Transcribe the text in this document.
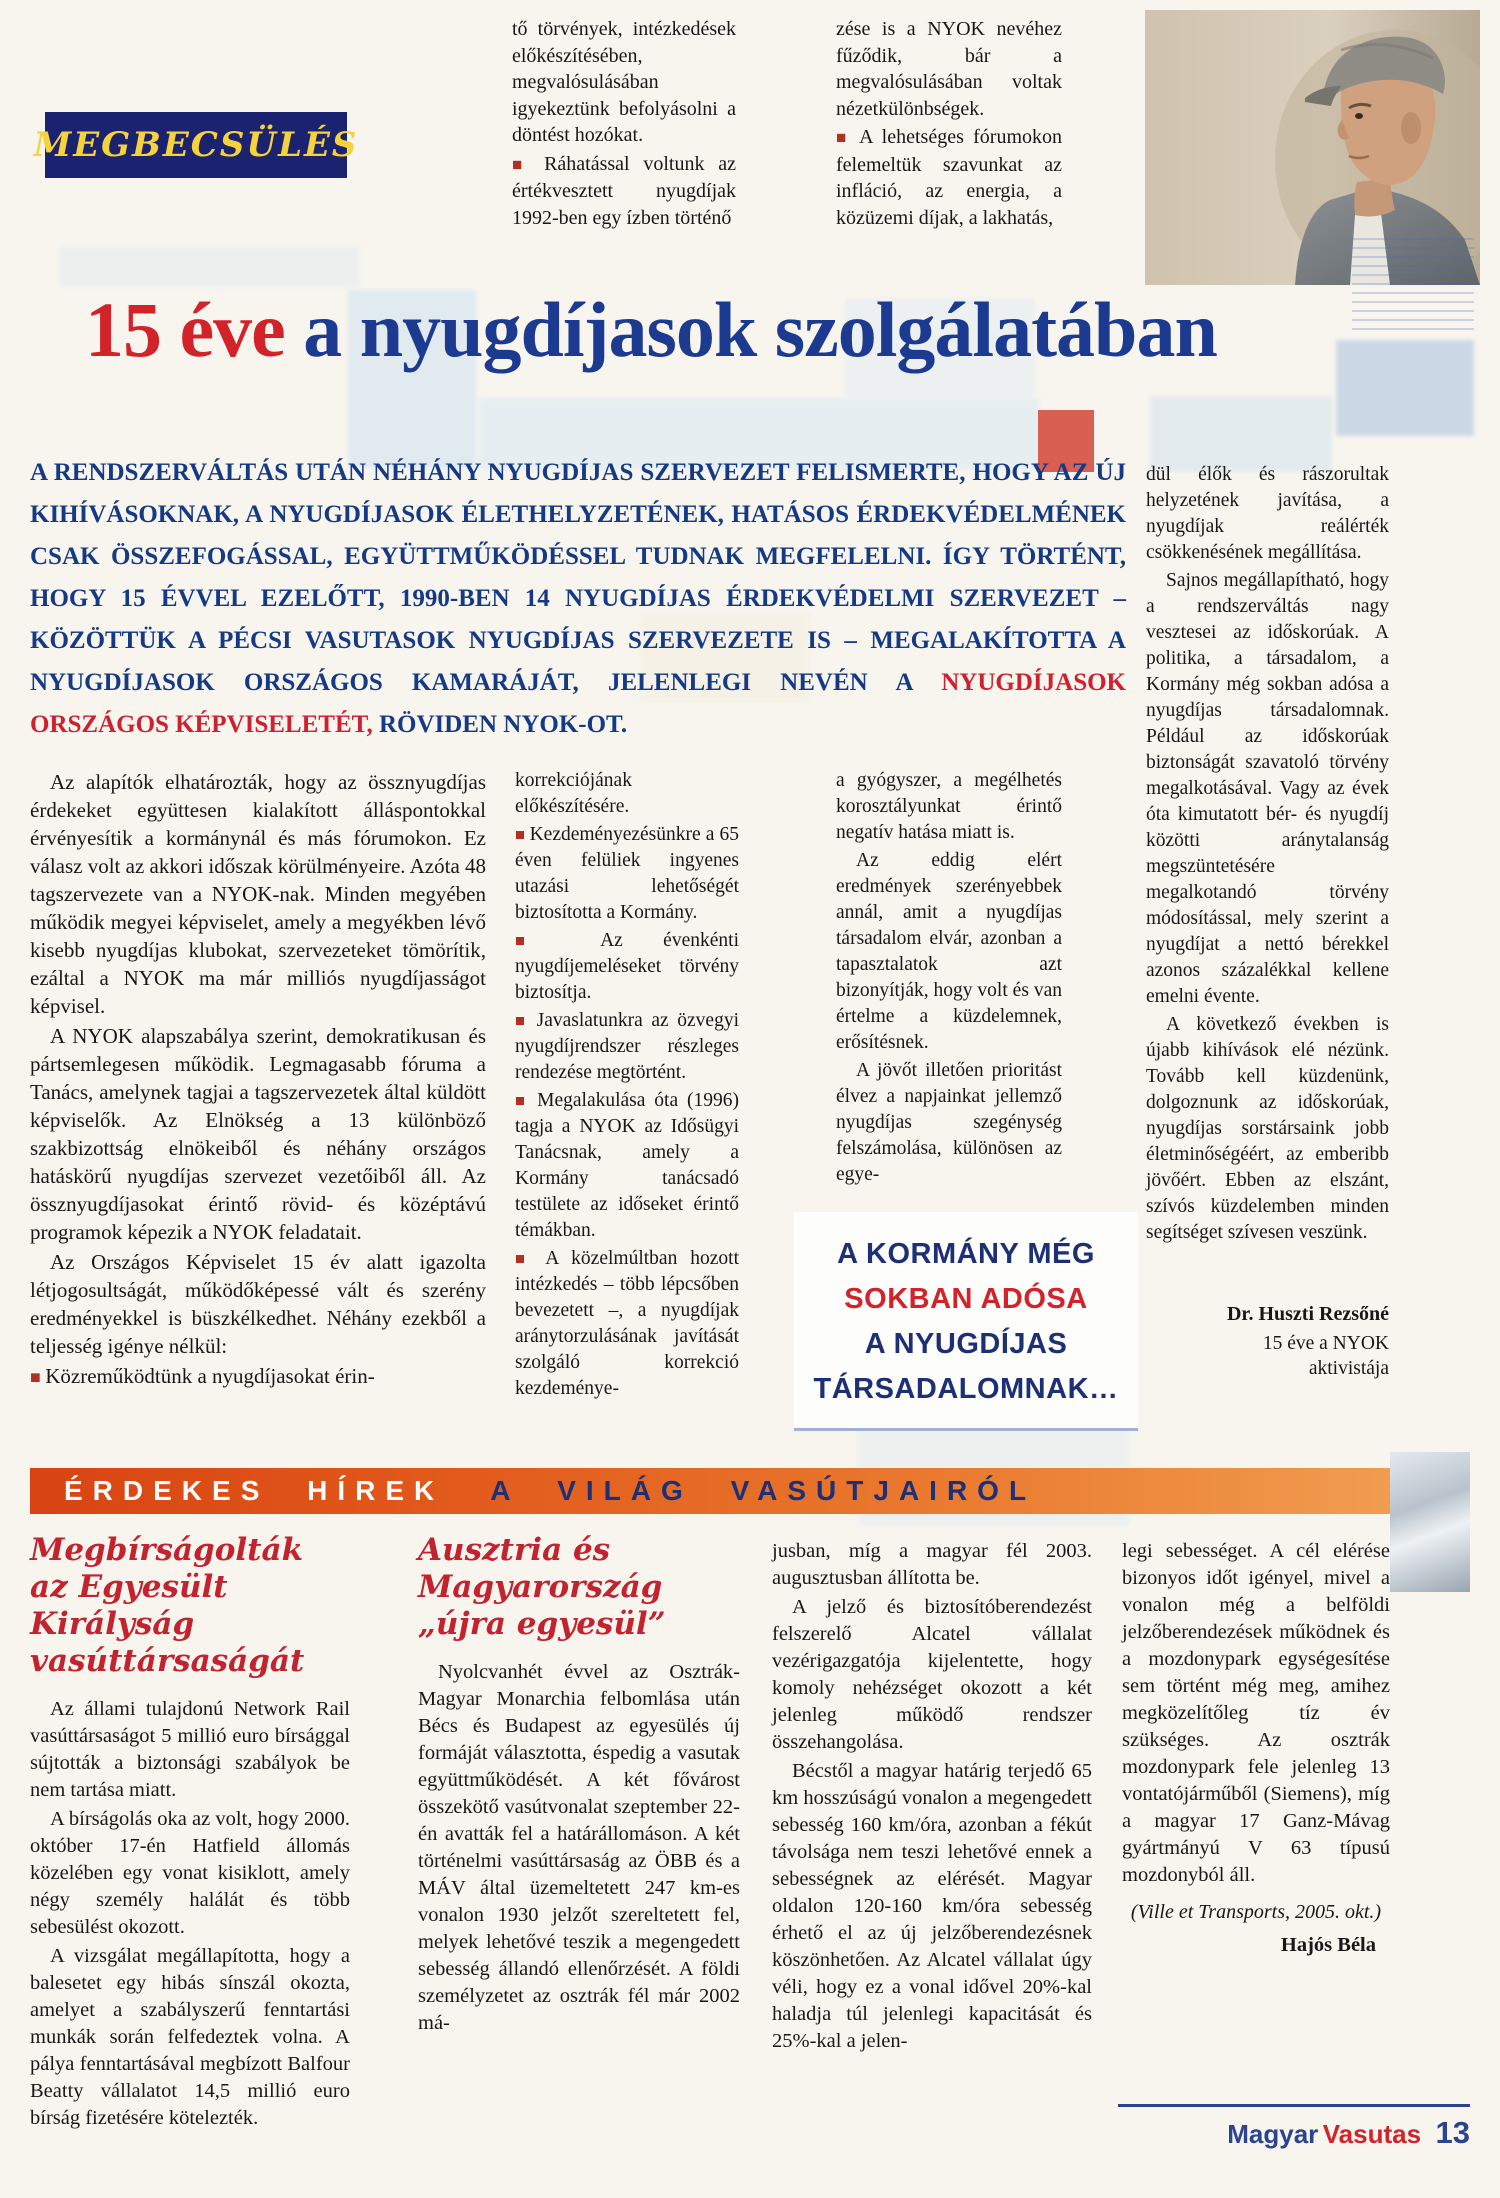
MEGBECSÜLÉS

tő törvények, intézkedések előkészítésében, megvalósulásában igyekeztünk befolyásolni a döntést hozókat.

■ Ráhatással voltunk az értékvesztett nyugdíjak 1992-ben egy ízben történő

zése is a NYOK nevéhez fűződik, bár a megvalósulásában voltak nézetkülönbségek.

■ A lehetséges fórumokon felemeltük szavunkat az infláció, az energia, a közüzemi díjak, a lakhatás,

15 éve a nyugdíjasok szolgálatában

A RENDSZERVÁLTÁS UTÁN NÉHÁNY NYUGDÍJAS SZERVEZET FELISMERTE, HOGY AZ ÚJ KIHÍVÁSOKNAK, A NYUGDÍJASOK ÉLETHELYZETÉNEK, HATÁSOS ÉRDEKVÉDELMÉNEK CSAK ÖSSZEFOGÁSSAL, EGYÜTTMŰKÖDÉSSEL TUDNAK MEGFELELNI. ÍGY TÖRTÉNT, HOGY 15 ÉVVEL EZELŐTT, 1990-BEN 14 NYUGDÍJAS ÉRDEKVÉDELMI SZERVEZET – KÖZÖTTÜK A PÉCSI VASUTASOK NYUGDÍJAS SZERVEZETE IS – MEGALAKÍTOTTA A NYUGDÍJASOK ORSZÁGOS KAMARÁJÁT, JELENLEGI NEVÉN A NYUGDÍJASOK ORSZÁGOS KÉPVISELETÉT, RÖVIDEN NYOK-OT.

Az alapítók elhatározták, hogy az össznyugdíjas érdekeket együttesen kialakított álláspontokkal érvényesítik a kormánynál és más fórumokon. Ez válasz volt az akkori időszak körülményeire. Azóta 48 tagszervezete van a NYOK-nak. Minden megyében működik megyei képviselet, amely a megyékben lévő kisebb nyugdíjas klubokat, szervezeteket tömörítik, ezáltal a NYOK ma már milliós nyugdíjasságot képvisel.

A NYOK alapszabálya szerint, demokratikusan és pártsemlegesen működik. Legmagasabb fóruma a Tanács, amelynek tagjai a tagszervezetek által küldött képviselők. Az Elnökség a 13 különböző szakbizottság elnökeiből és néhány országos hatáskörű nyugdíjas szervezet vezetőiből áll. Az össznyugdíjasokat érintő rövid- és középtávú programok képezik a NYOK feladatait.

Az Országos Képviselet 15 év alatt igazolta létjogosultságát, működőképessé vált és szerény eredményekkel is büszkélkedhet. Néhány ezekből a teljesség igénye nélkül:

■ Közreműködtünk a nyugdíjasokat érin-

korrekciójának előkészítésére.

■ Kezdeményezésünkre a 65 éven felüliek ingyenes utazási lehetőségét biztosította a Kormány.

■ Az évenkénti nyugdíjemeléseket törvény biztosítja.

■ Javaslatunkra az özvegyi nyugdíjrendszer részleges rendezése megtörtént.

■ Megalakulása óta (1996) tagja a NYOK az Idősügyi Tanácsnak, amely a Kormány tanácsadó testülete az időseket érintő témákban.

■ A közelmúltban hozott intézkedés – több lépcsőben bevezetett –, a nyugdíjak aránytorzulásának javítását szolgáló korrekció kezdeménye-

a gyógyszer, a megélhetés korosztályunkat érintő negatív hatása miatt is.

Az eddig elért eredmények szerényebbek annál, amit a nyugdíjas társadalom elvár, azonban a tapasztalatok azt bizonyítják, hogy volt és van értelme a küzdelemnek, erősítésnek.

A jövőt illetően prioritást élvez a napjainkat jellemző nyugdíjas szegénység felszámolása, különösen az egye-

dül élők és rászorultak helyzetének javítása, a nyugdíjak reálérték csökkenésének megállítása.

Sajnos megállapítható, hogy a rendszerváltás nagy vesztesei az időskorúak. A politika, a társadalom, a Kormány még sokban adósa a nyugdíjas társadalomnak. Például az időskorúak biztonságát szavatoló törvény megalkotásával. Vagy az évek óta kimutatott bér- és nyugdíj közötti aránytalanság megszüntetésére megalkotandó törvény módosítással, mely szerint a nyugdíjat a nettó bérekkel azonos százalékkal kellene emelni évente.

A következő években is újabb kihívások elé nézünk. Tovább kell küzdenünk, dolgoznunk az időskorúak, nyugdíjas sorstársaink jobb életminőségéért, az emberibb jövőért. Ebben az elszánt, szívós küzdelemben minden segítséget szívesen veszünk.

Dr. Huszti Rezsőné
15 éve a NYOK aktivistája
A KORMÁNY MÉG
SOKBAN ADÓSA
A NYUGDÍJAS
TÁRSADALOMNAK…
ÉRDEKES HÍREK A VILÁG VASÚTJAIRÓL
Megbírságolták az Egyesült Királyság vasúttársaságát

Az állami tulajdonú Network Rail vasúttársaságot 5 millió euro bírsággal sújtották a biztonsági szabályok be nem tartása miatt.

A bírságolás oka az volt, hogy 2000. október 17-én Hatfield állomás közelében egy vonat kisiklott, amely négy személy halálát és több sebesülést okozott.

A vizsgálat megállapította, hogy a balesetet egy hibás sínszál okozta, amelyet a szabályszerű fenntartási munkák során felfedeztek volna. A pálya fenntartásával megbízott Balfour Beatty vállalatot 14,5 millió euro bírság fizetésére kötelezték.

Ausztria és Magyarország „újra egyesül”

Nyolcvanhét évvel az Osztrák-Magyar Monarchia felbomlása után Bécs és Budapest az egyesülés új formáját választotta, éspedig a vasutak együttműködését. A két fővárost összekötő vasútvonalat szeptember 22-én avatták fel a határállomáson. A két történelmi vasúttársaság az ÖBB és a MÁV által üzemeltetett 247 km-es vonalon 1930 jelzőt szereltetett fel, melyek lehetővé teszik a megengedett sebesség állandó ellenőrzését. A földi személyzetet az osztrák fél már 2002 má-

jusban, míg a magyar fél 2003. augusztusban állította be.

A jelző és biztosítóberendezést felszerelő Alcatel vállalat vezérigazgatója kijelentette, hogy komoly nehézséget okozott a két jelenleg működő rendszer összehangolása.

Bécstől a magyar határig terjedő 65 km hosszúságú vonalon a megengedett sebesség 160 km/óra, azonban a fékút távolsága nem teszi lehetővé ennek a sebességnek az elérését. Magyar oldalon 120-160 km/óra sebesség érhető el az új jelzőberendezésnek köszönhetően. Az Alcatel vállalat úgy véli, hogy ez a vonal idővel 20%-kal haladja túl jelenlegi kapacitását és 25%-kal a jelen-

legi sebességet. A cél elérése bizonyos időt igényel, mivel a vonalon még a belföldi jelzőberendezések működnek és a mozdonypark egységesítése sem történt még meg, amihez megközelítőleg tíz év szükséges. Az osztrák mozdonypark fele jelenleg 13 vontatójárműből (Siemens), míg a magyar 17 Ganz-Mávag gyártmányú V 63 típusú mozdonyból áll.

(Ville et Transports, 2005. okt.)
Hajós Béla
Magyar Vasutas 13
